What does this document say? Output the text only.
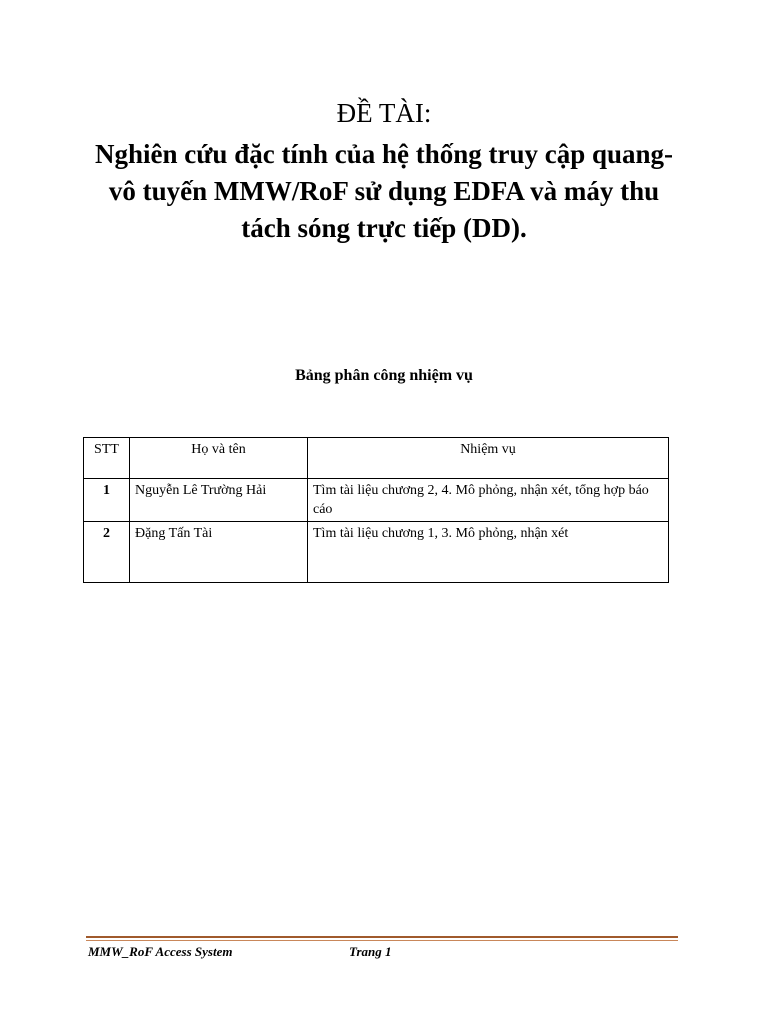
ĐỀ TÀI:
Nghiên cứu đặc tính của hệ thống truy cập quang-vô tuyến MMW/RoF sử dụng EDFA và máy thu tách sóng trực tiếp (DD).
Bảng phân công nhiệm vụ
STT	Họ và tên	Nhiệm vụ
1	Nguyễn Lê Trường Hải	Tìm tài liệu chương 2, 4. Mô phỏng, nhận xét, tổng hợp báo cáo
2	Đặng Tấn Tài	Tìm tài liệu chương 1, 3. Mô phỏng, nhận xét
MMW_RoF Access System	Trang 1
